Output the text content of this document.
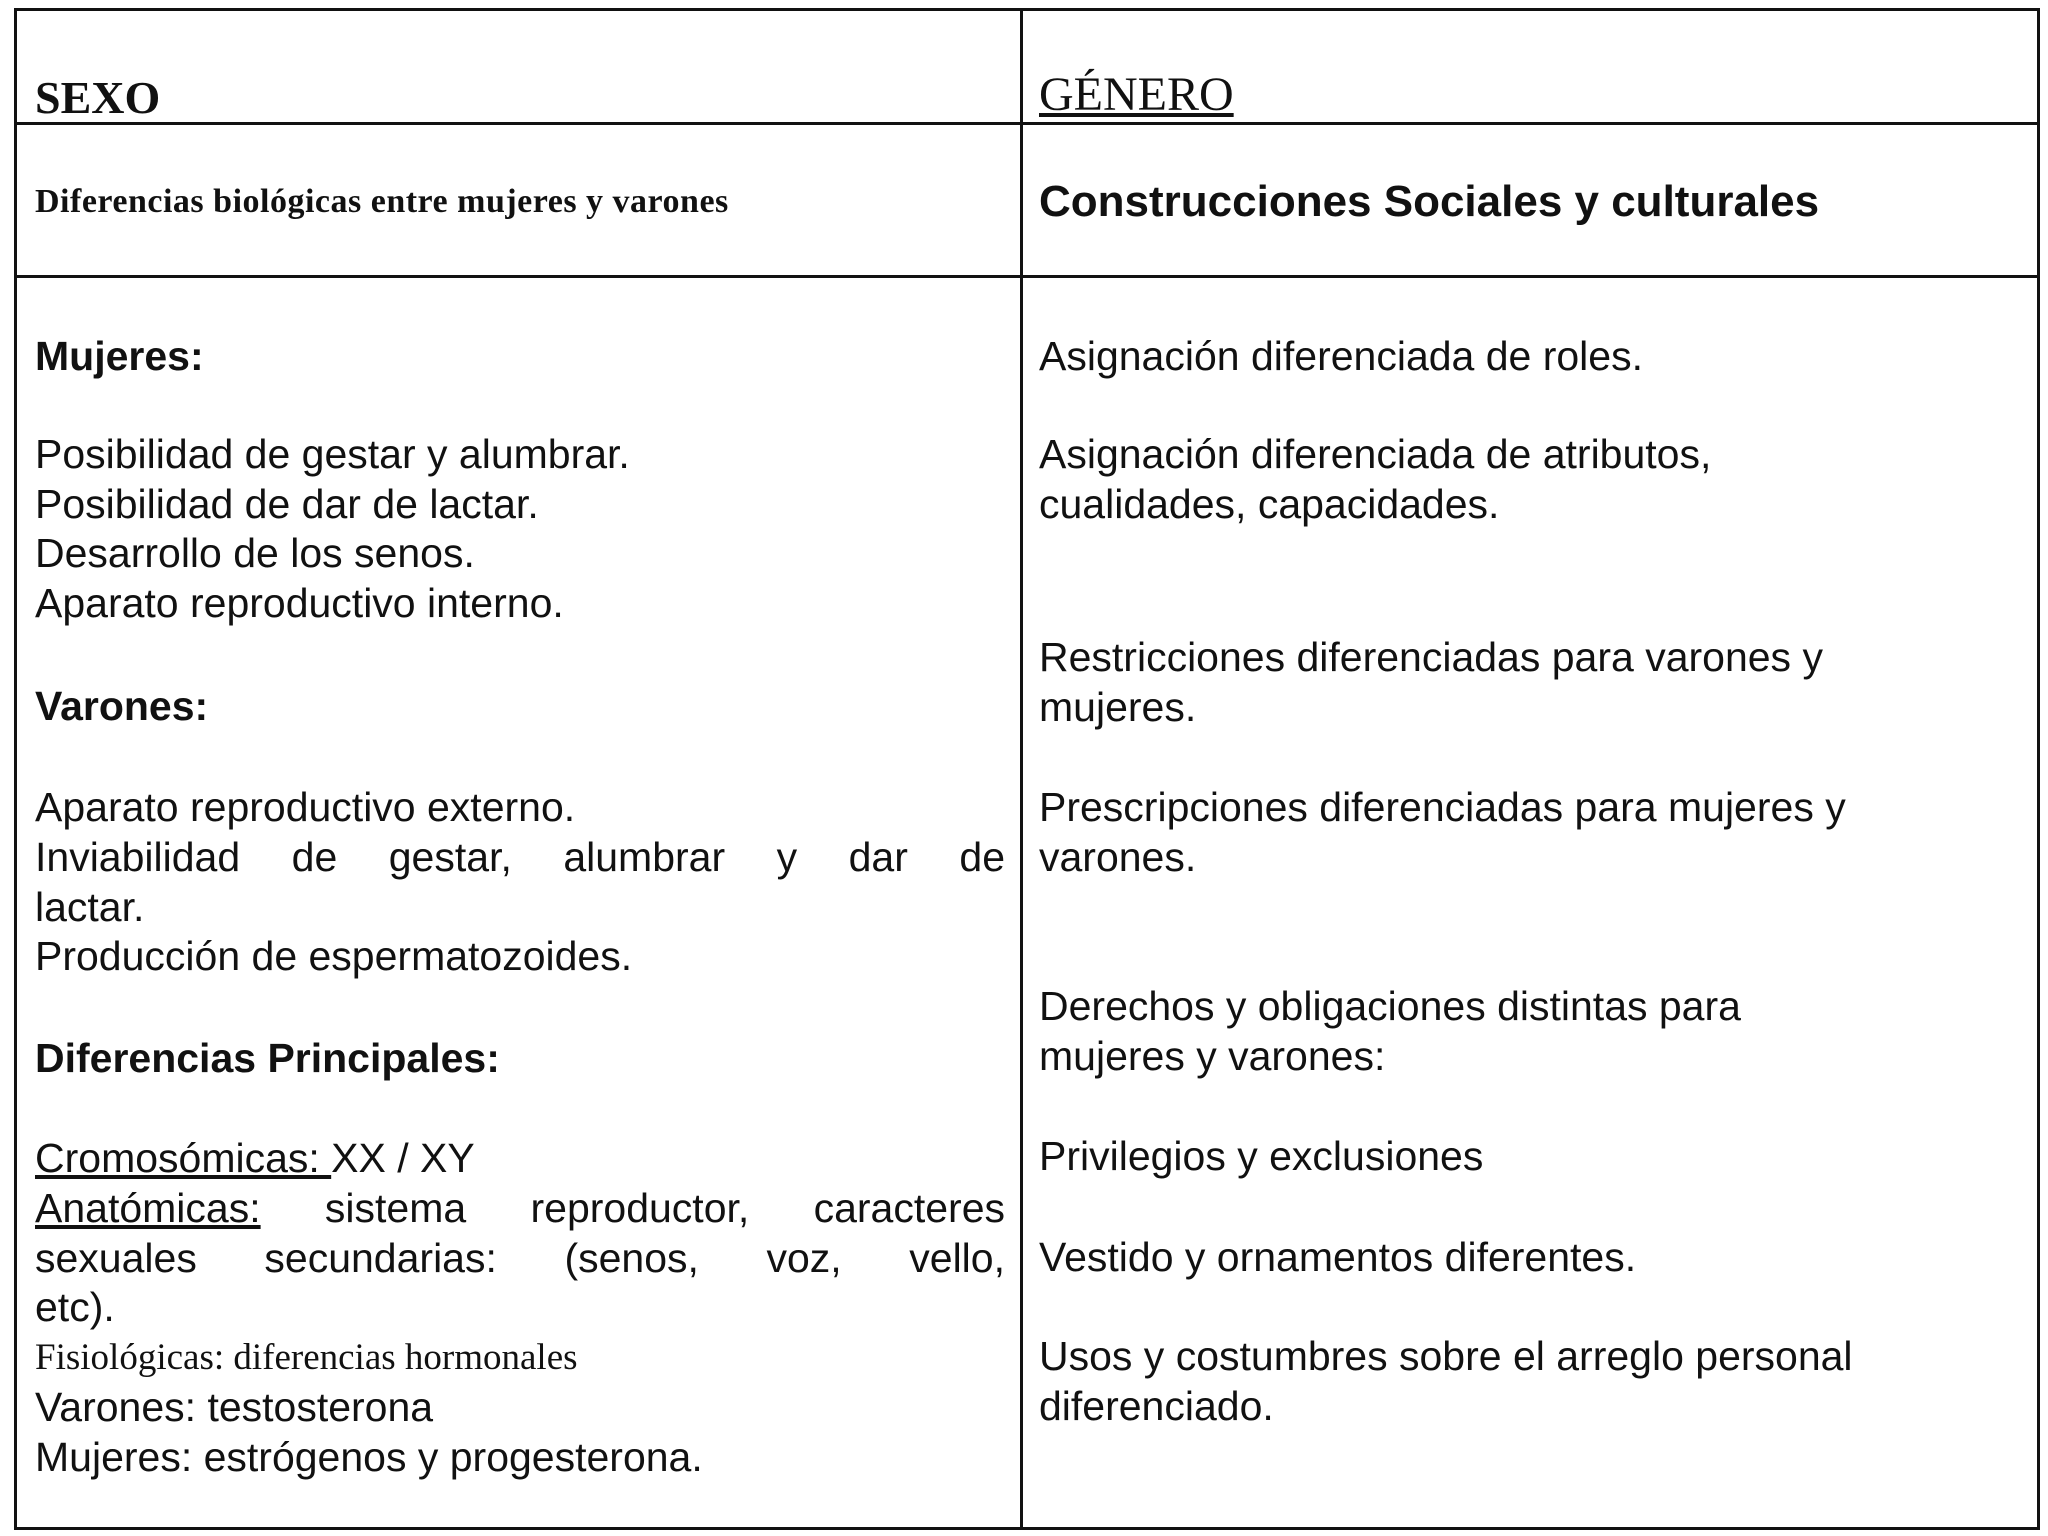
SEXO	GÉNERO
Diferencias biológicas entre mujeres y varones	Construcciones Sociales y culturales
Mujeres:
Posibilidad de gestar y alumbrar.
Posibilidad de dar de lactar.
Desarrollo de los senos.
Aparato reproductivo interno.
Varones:
Aparato reproductivo externo.
Inviabilidad de gestar, alumbrar y dar de
lactar.
Producción de espermatozoides.
Diferencias Principales:
Cromosómicas: XX / XY
Anatómicas: sistema reproductor, caracteres
sexuales secundarias: (senos, voz, vello,
etc).
Fisiológicas: diferencias hormonales
Varones: testosterona
Mujeres: estrógenos y progesterona.
Asignación diferenciada de roles.
Asignación diferenciada de atributos,
cualidades, capacidades.
Restricciones diferenciadas para varones y
mujeres.
Prescripciones diferenciadas para mujeres y
varones.
Derechos y obligaciones distintas para
mujeres y varones:
Privilegios y exclusiones
Vestido y ornamentos diferentes.
Usos y costumbres sobre el arreglo personal
diferenciado.
